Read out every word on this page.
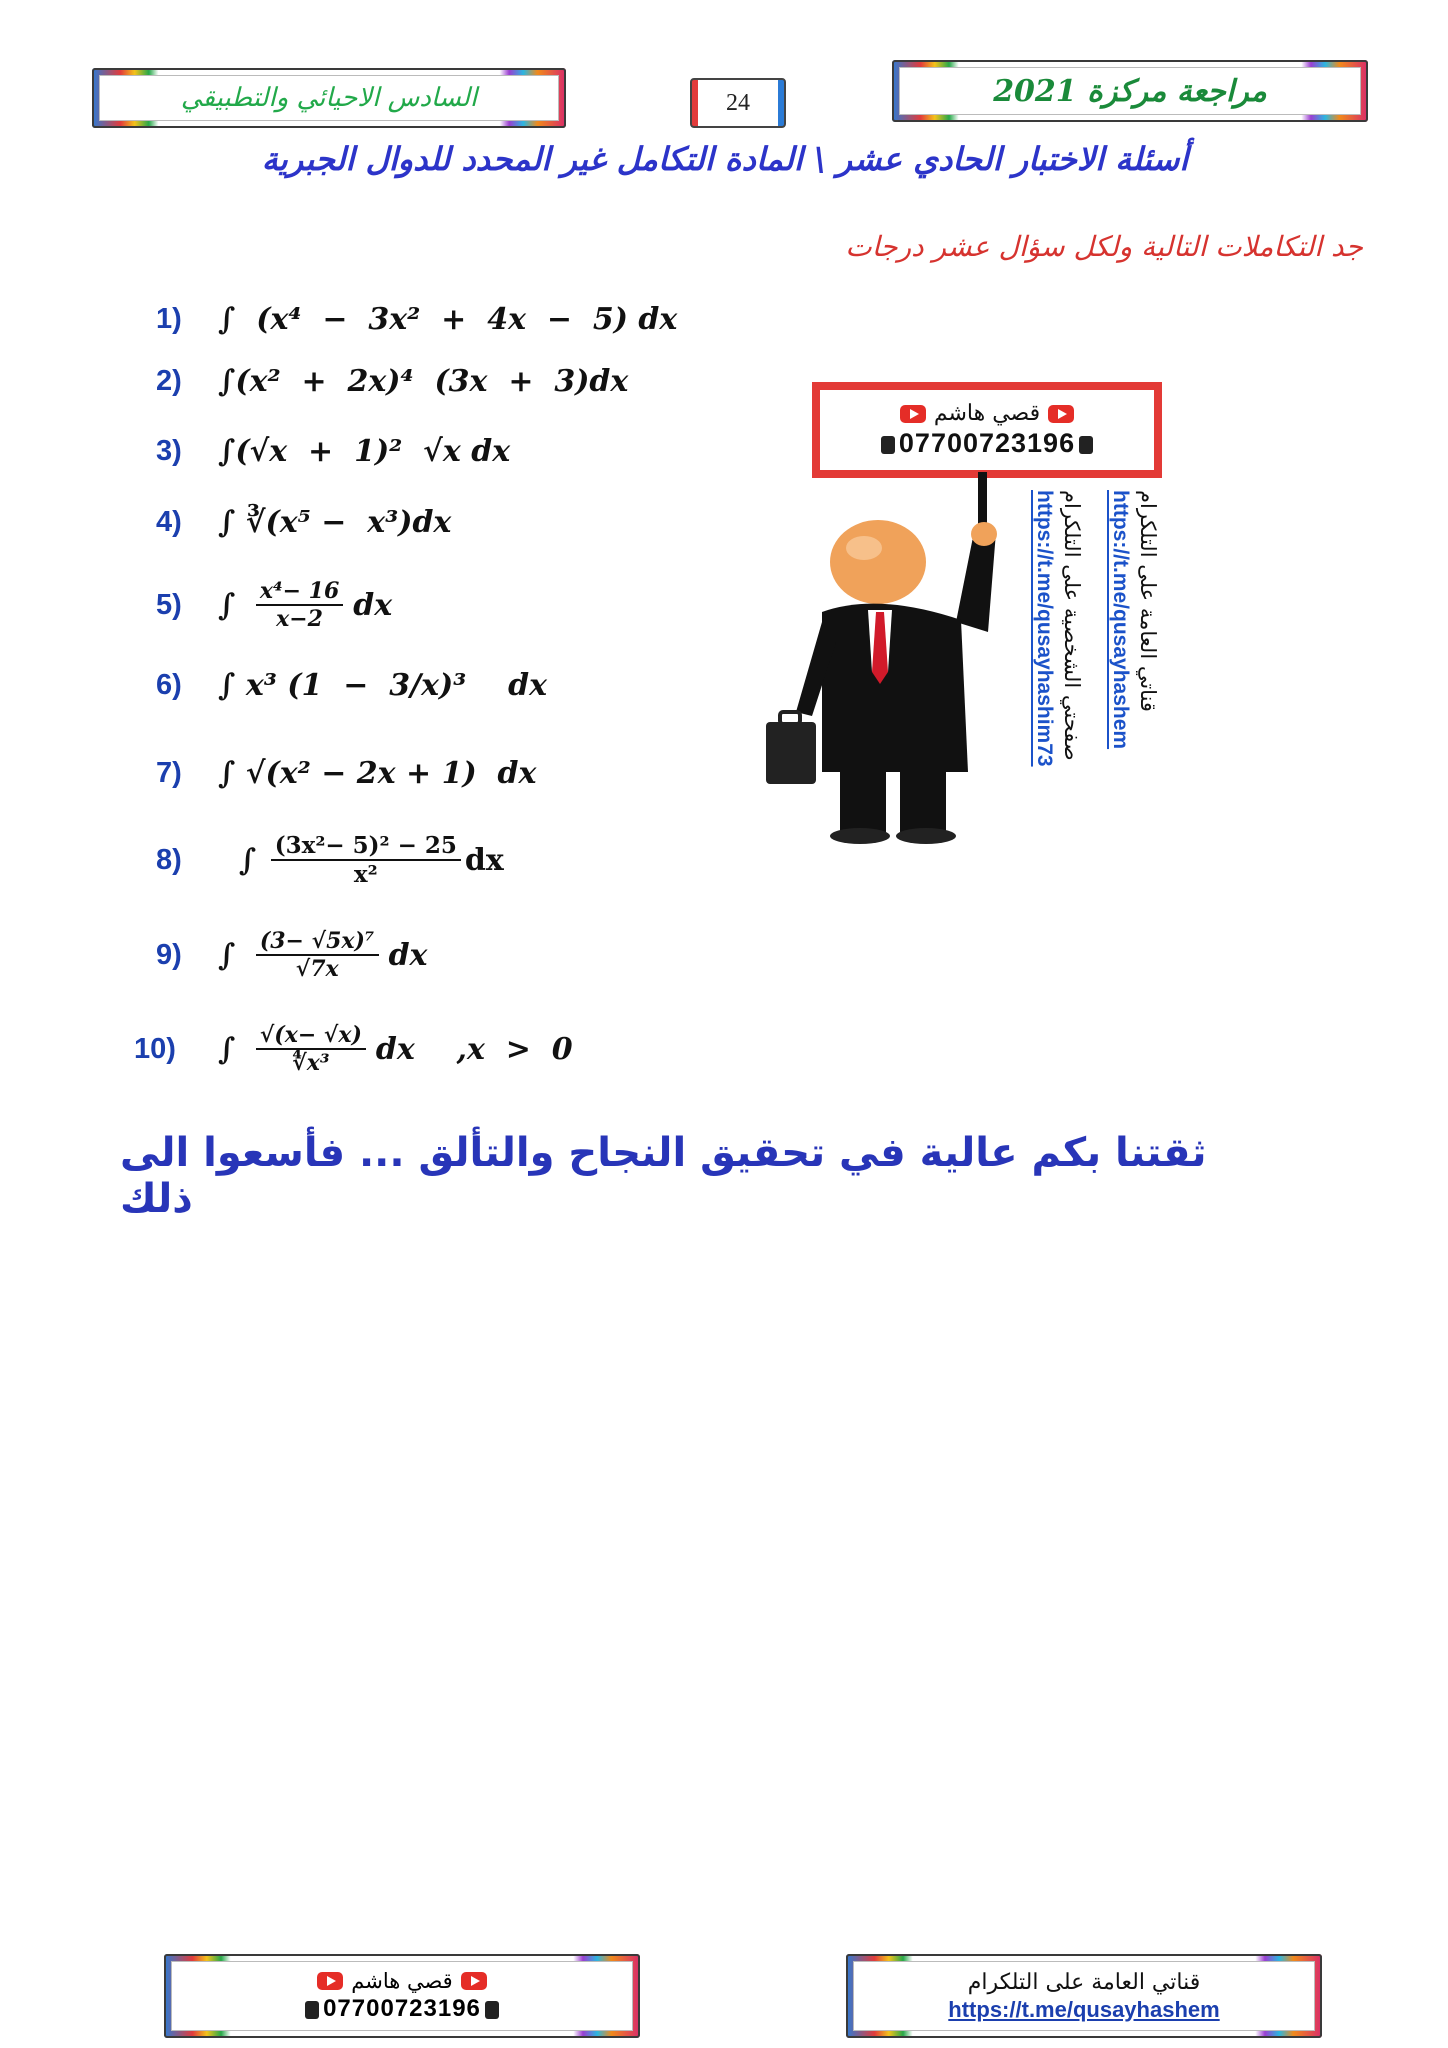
السادس الاحيائي والتطبيقي	24	مراجعة مركزة 2021
أسئلة الاختبار الحادي عشر \ المادة التكامل غير المحدد للدوال الجبرية
جد التكاملات التالية ولكل سؤال عشر درجات
1)	∫  (x⁴  −  3x²  +  4x  −  5) dx
2)	∫(x²  +  2x)⁴  (3x  +  3)dx
3)	∫(√x  +  1)²  √x dx
4)	∫ ∛(x⁵ −  x³)dx
5)	∫ $\frac{\text{x⁴− 16}}{x-2}$ dx
6)	∫ x³ (1  −  3/x)³    dx
7)	∫ √(x² − 2x + 1)  dx
8)	∫ $\frac{\text{(3x²− 5)² − 25}}{\text{x²}}$ dx
9)	∫ $\frac{\text{(3− √5x)⁷}}{√7x}$ dx
10)	∫ $\frac{√(x- √x)}{\text{∜x³}}$ dx    ,x  >  0
قصي هاشم
07700723196
قناتي العامة على التلكرام
https://t.me/qusayhashem
صفحتي الشخصية على التلكرام
https://t.me/qusayhashim73
ثقتنا بكم عالية في تحقيق النجاح والتألق ... فأسعوا الى ذلك
قصي هاشم
07700723196
قناتي العامة على التلكرام
https://t.me/qusayhashem
